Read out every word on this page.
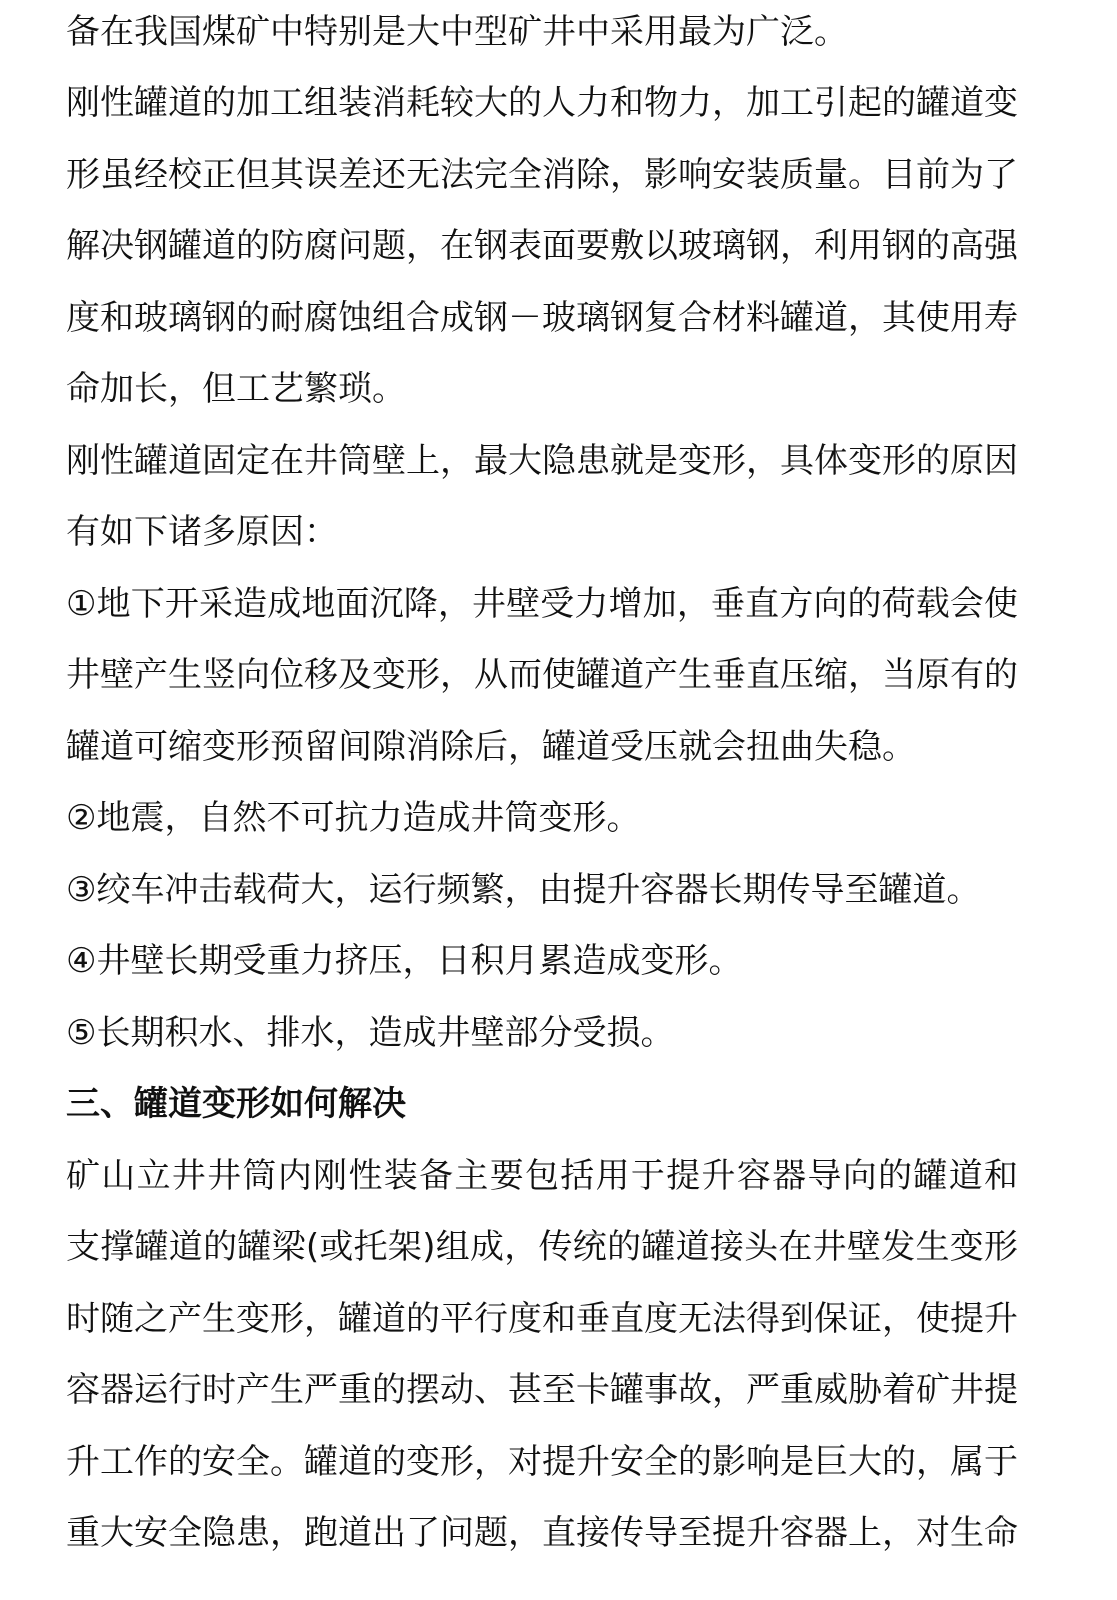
备在我国煤矿中特别是大中型矿井中采用最为广泛。
刚性罐道的加工组装消耗较大的人力和物力，加工引起的罐道变
形虽经校正但其误差还无法完全消除，影响安装质量。目前为了
解决钢罐道的防腐问题，在钢表面要敷以玻璃钢，利用钢的高强
度和玻璃钢的耐腐蚀组合成钢－玻璃钢复合材料罐道，其使用寿
命加长，但工艺繁琐。
刚性罐道固定在井筒壁上，最大隐患就是变形，具体变形的原因
有如下诸多原因：
①地下开采造成地面沉降，井壁受力增加，垂直方向的荷载会使
井壁产生竖向位移及变形，从而使罐道产生垂直压缩，当原有的
罐道可缩变形预留间隙消除后，罐道受压就会扭曲失稳。
②地震，自然不可抗力造成井筒变形。
③绞车冲击载荷大，运行频繁，由提升容器长期传导至罐道。
④井壁长期受重力挤压，日积月累造成变形。
⑤长期积水、排水，造成井壁部分受损。
三、罐道变形如何解决
矿山立井井筒内刚性装备主要包括用于提升容器导向的罐道和
支撑罐道的罐梁(或托架)组成，传统的罐道接头在井壁发生变形
时随之产生变形，罐道的平行度和垂直度无法得到保证，使提升
容器运行时产生严重的摆动、甚至卡罐事故，严重威胁着矿井提
升工作的安全。罐道的变形，对提升安全的影响是巨大的，属于
重大安全隐患，跑道出了问题，直接传导至提升容器上，对生命
